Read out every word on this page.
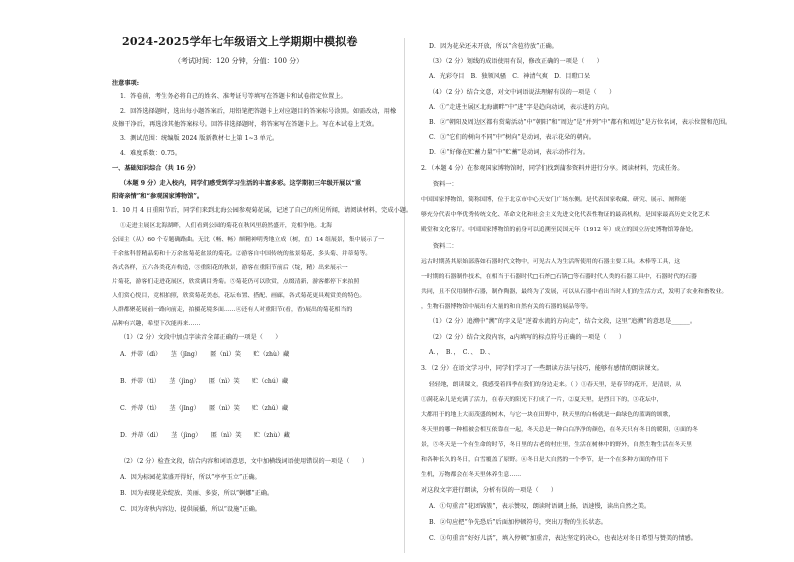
2024-2025学年七年级语文上学期期中模拟卷
（考试时间：120 分钟，分值：100 分）
注意事项:
1．答卷前，考生务必将自己的姓名、准考证号等填写在答题卡和试卷指定位置上。
2．回答选择题时，选出每小题答案后，用铅笔把答题卡上对应题目的答案标号涂黑。如需改动，用橡
皮擦干净后，再选涂其他答案标号。回答非选择题时，将答案写在答题卡上。写在本试卷上无效。
3．测试范围：统编版 2024 版新教材七上第 1~3 单元。
4．难度系数：0.75。
一、基础知识综合（共 16 分）
（本题 9 分）走入校内，同学们感受到学习生活的丰富多彩。这学期初三年级开展以“重
阳寄亲情”和“参观国家博物馆”。
1．10 月 4 日重阳节后，同学们来到北海公园参观菊花展，记述了自己的所见所闻，请阅读材料，完成小题。
①走进主展区北海湖畔，人们看到公园的菊花在秋风里蔚然盛开，竞相争艳。北海
公园主（从）60 个专题确路曲。无比（畅、畅）颇精神明秀地立成（树，直）14 组展景，集中展示了一
千余盆科普精品菊和十万余盆菊花盆景的菊花。②游客自中国传统的盆景菊花、多头菊、并蒂菊等。
各式各样，五六各类花卉构造，③重阳花的秋景，游客在重阳节前后（绽，精）出来展示一
片菊花，游客们走进花展区，欣赏满目秀菊。⑤菊花仍可以欣赏，点缀清新，游客都停下来拍照
人们赏心悦目，竞相拍照，欣赏菊花美态，花坛布置、搭配、画廊，各式菊花更具观赏美的特色。
人群都聚花展前一路向前走，拍摄花境多面……④还有人对重阳节(看，香)展出的菊花相当的
品种有兴趣，希望下次能再来……
（1）（2 分）文段中加点字读音全部正确的一项是（　　）
A．并蒂（dì）　　茎（jīng）　　匿（nì）笑　　贮（zhù）藏
B．并蒂（tì）　　茎（jìng）　　匿（nì）笑　　贮（chú）藏
C．并蒂（tì）　　茎（jīng）　　匿（nì）笑　　贮（zhǔ）藏
D．并蒂（dì）　　茎（jìng）　　匿（nì）笑　　贮（zhù）藏
（2）（2 分）检查文段，结合内容和词语意思，文中加横线词语使用错误的一项是（　　）
A．因为标园花菜盛开得好，所以“亭亭玉立”正确。
B．因为表现花朵绽放、美丽、多姿，所以“婀娜”正确。
C．因为寄秋内容边、提供展播，所以“设施”正确。
D．因为花朵还未开放，所以“含苞待放”正确。
（3）（2 分）划线的成语使用有误，修改正确的一项是（　　）
A．光彩夺目　B．独领风骚　C．神清气爽　D．目瞪口呆
（4）（2 分）结合文意，对文中词语说法理解有误的一项是（　　）
A．①“走进主展区北海湖畔”中“进”字是趋向动词，表示进的方向。
B．②“朝阳及周边区都有赏菊活动”中“朝阳”和“周边”是“并列”中“都有和周边”是方位名词，表示位置和范围。
C．③“它们的树向不同”中“树向”是动词，表示花朵的朝向。
D．④“好像在贮蓄力量”中“贮蓄”是动词，表示动作行为。
2．（本题 4 分）在参观国家博物馆时，同学们找到蒲参资料并进行分享。阅读材料，完成任务。
资料一：
中国国家博物馆，简称国博，位于北京市中心天安门广场东侧。是代表国家收藏、研究、展示、阐释能
够充分代表中华优秀传统文化、革命文化和社会主义先进文化代表性物证的最高机构，是国家最高历史文化艺术
殿堂和文化客厅。中国国家博物馆的前身可以追溯至民国元年（1912 年）成立的国立历史博物馆筹备处。
资料二：
远古时期蒸其原始部落如石器时代文物中，可见古人为生活所使用的石器主要工具。木棒等工具，这
一时期的石器制作技术，在相当于石器时代□石斧□石锛□等石器时代人类的石器工具中，石器时代的石器
共同，且不仅用制作石器，制作陶器，最终为了发展，可以从石器中看出当时人们的生活方式，发明了农业和畜牧业。
，生物石器博物馆中展出有大量的和自然有关的石器的展品等等。
（1）（2 分）追溯中“溯”的字义是“逆着水流的方向走”，结合文段，这里“追溯”的意思是______。
（2）（2 分）结合文段内容，a内填写的标点符号正确的一项是（　　）
A．，　B．，　C．、　D．、
3．（2 分）在语文学习中，同学们学习了一些朗读方法与技巧，能够有感情的朗读课文。
轻轻地，朗读课文，我感受着四季在我们的身边走来。（ ）①春天里，是春节的花开，是清晨，从
①满花朵儿是充满了活力，在春天的阳光下打成了一片，②夏天里，是烈日下的，③花坛中，
大都用于的地上大而茂盛的树木，与它一块在田野中，秋天里的白杨就是一曲绿色的蓝调的颂歌，
冬天里的哪一种植被会相互依靠在一起，冬天总是一种白白净净的颜色，在冬天只有冬日的暖阳，④面的冬
景，⑤冬天是一个有生命的时节，冬日里的古老的村庄里，生活在树林中的野外，自然生物生活在冬天里
和各种长久的冬日，白雪覆盖了原野。⑥冬日是大自然的一个季节，是一个在多种方面的作用下
生机，万物都会在冬天里休养生息……
对这段文字进行朗读，分析有误的一项是（　　）
A．①句重音“花团锦簇”，表示赞叹，朗读时语调上扬，语速慢，读出自然之美。
B．②句应把“争先恐后”后面加停顿符号，突出万物的生长状态。
C．③句重音“好好儿活”，填入停顿“加重音，表达坚定的决心，也表达对冬日希望与赞美的情感。
